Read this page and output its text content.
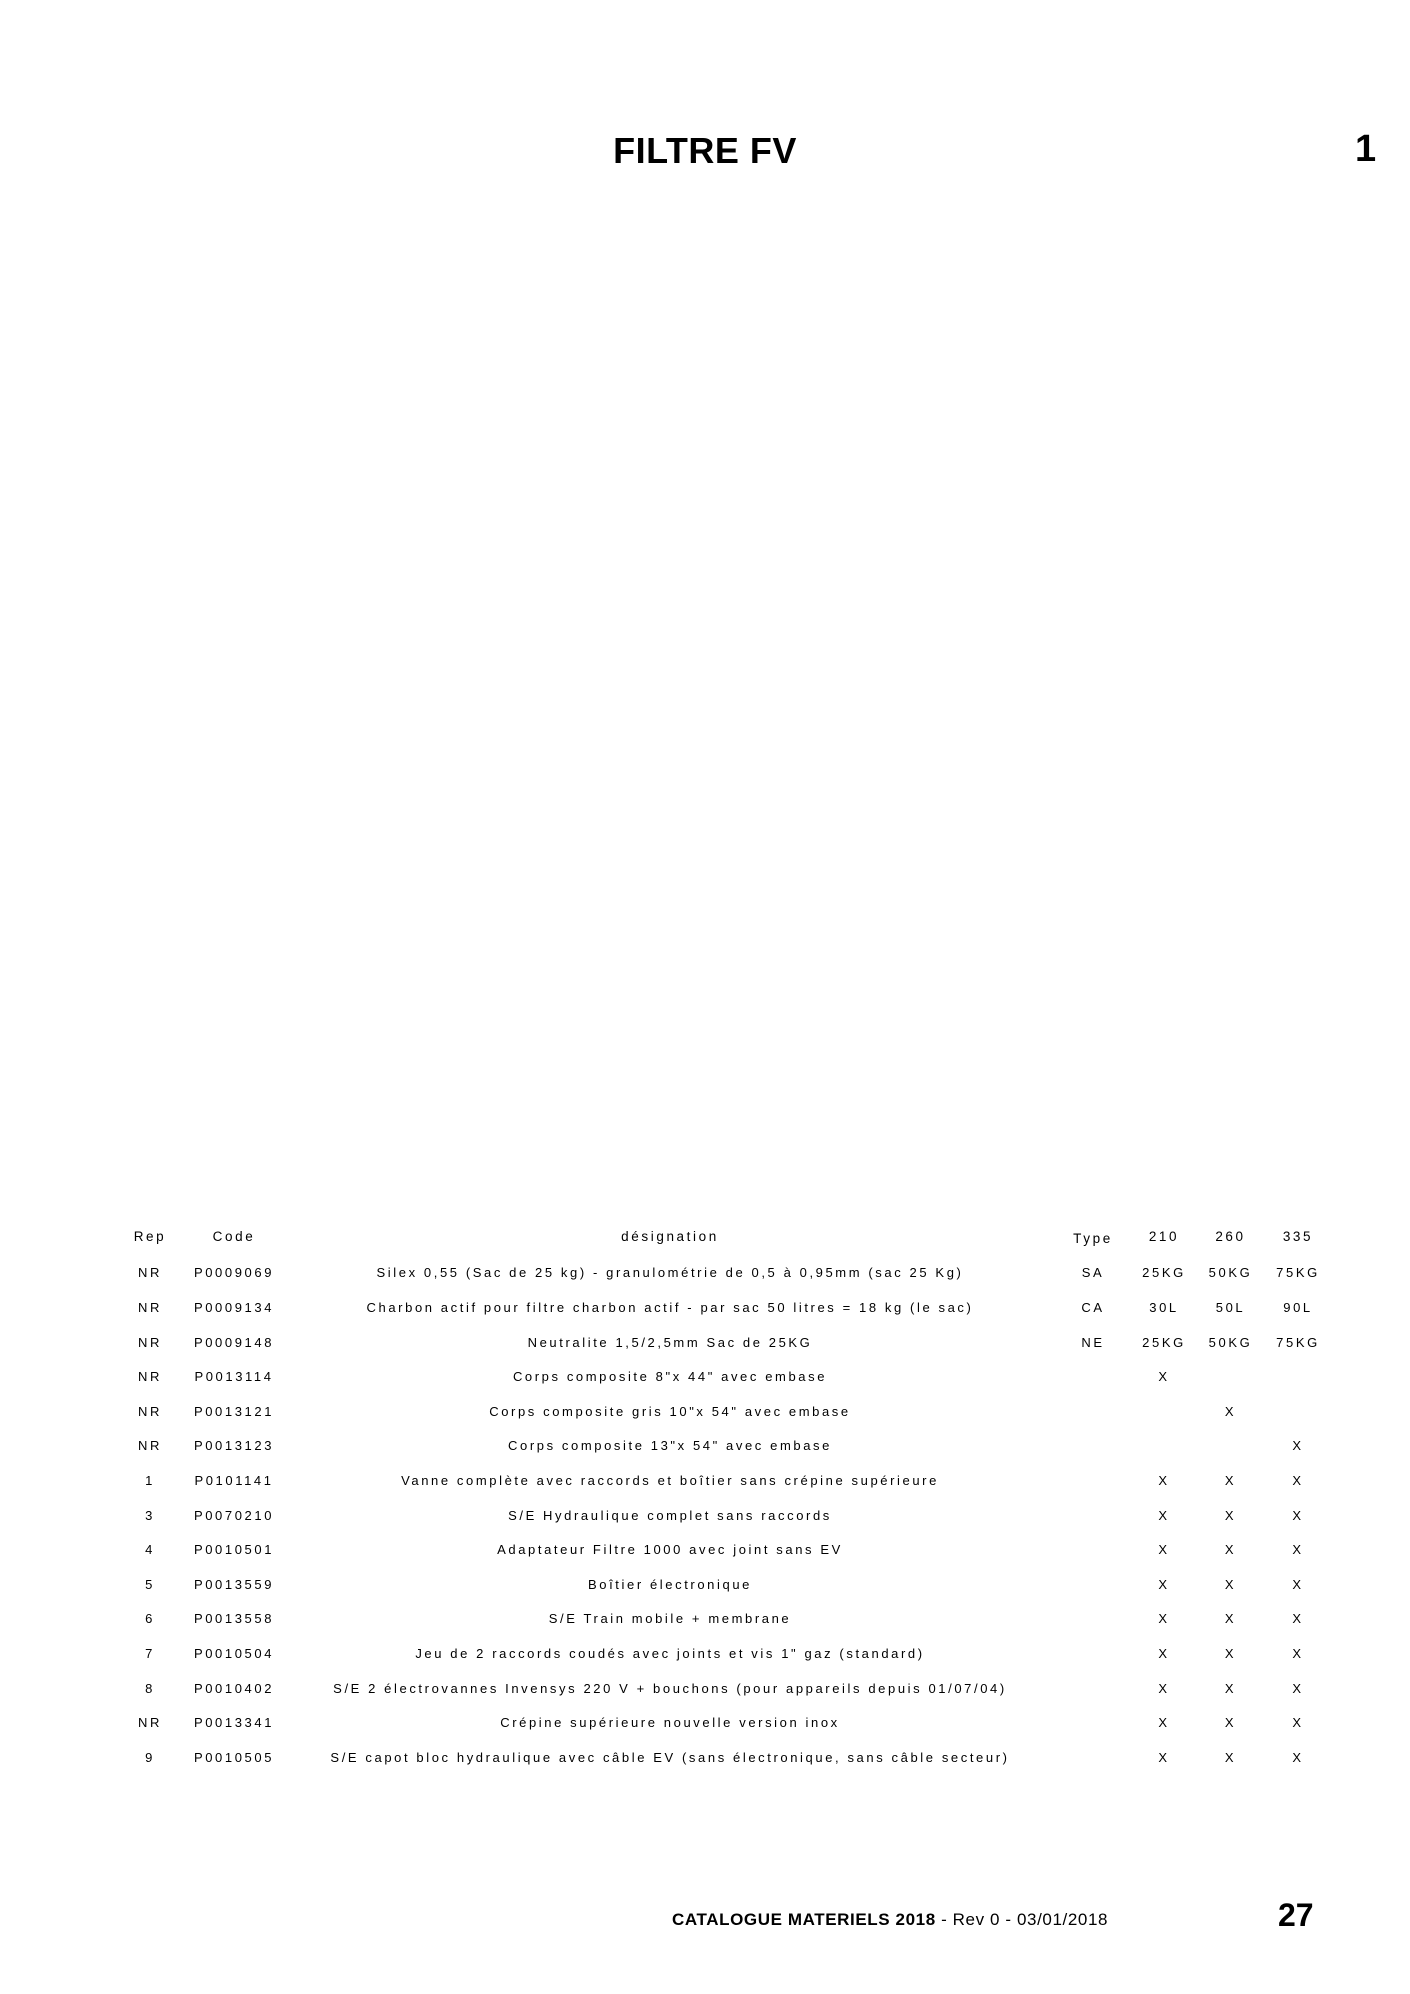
FILTRE FV	1
Rep	Code	désignation	Type	210	260	335
NR	P0009069	Silex 0,55 (Sac de 25 kg) - granulométrie de 0,5 à 0,95mm (sac 25 Kg)	SA	25KG	50KG	75KG
NR	P0009134	Charbon actif pour filtre charbon actif - par sac 50 litres = 18 kg (le sac)	CA	30L	50L	90L
NR	P0009148	Neutralite 1,5/2,5mm Sac de 25KG	NE	25KG	50KG	75KG
NR	P0013114	Corps composite 8"x 44" avec embase		X		
NR	P0013121	Corps composite gris 10"x 54" avec embase			X	
NR	P0013123	Corps composite 13"x 54" avec embase				X
1	P0101141	Vanne complète avec raccords et boîtier sans crépine supérieure		X	X	X
3	P0070210	S/E Hydraulique complet sans raccords		X	X	X
4	P0010501	Adaptateur Filtre 1000 avec joint sans EV		X	X	X
5	P0013559	Boîtier électronique		X	X	X
6	P0013558	S/E Train mobile + membrane		X	X	X
7	P0010504	Jeu de 2 raccords coudés avec joints et vis 1" gaz (standard)		X	X	X
8	P0010402	S/E 2 électrovannes Invensys 220 V + bouchons (pour appareils depuis 01/07/04)		X	X	X
NR	P0013341	Crépine supérieure nouvelle version inox		X	X	X
9	P0010505	S/E capot bloc hydraulique avec câble EV (sans électronique, sans câble secteur)		X	X	X
CATALOGUE MATERIELS 2018 - Rev 0 - 03/01/2018	27
